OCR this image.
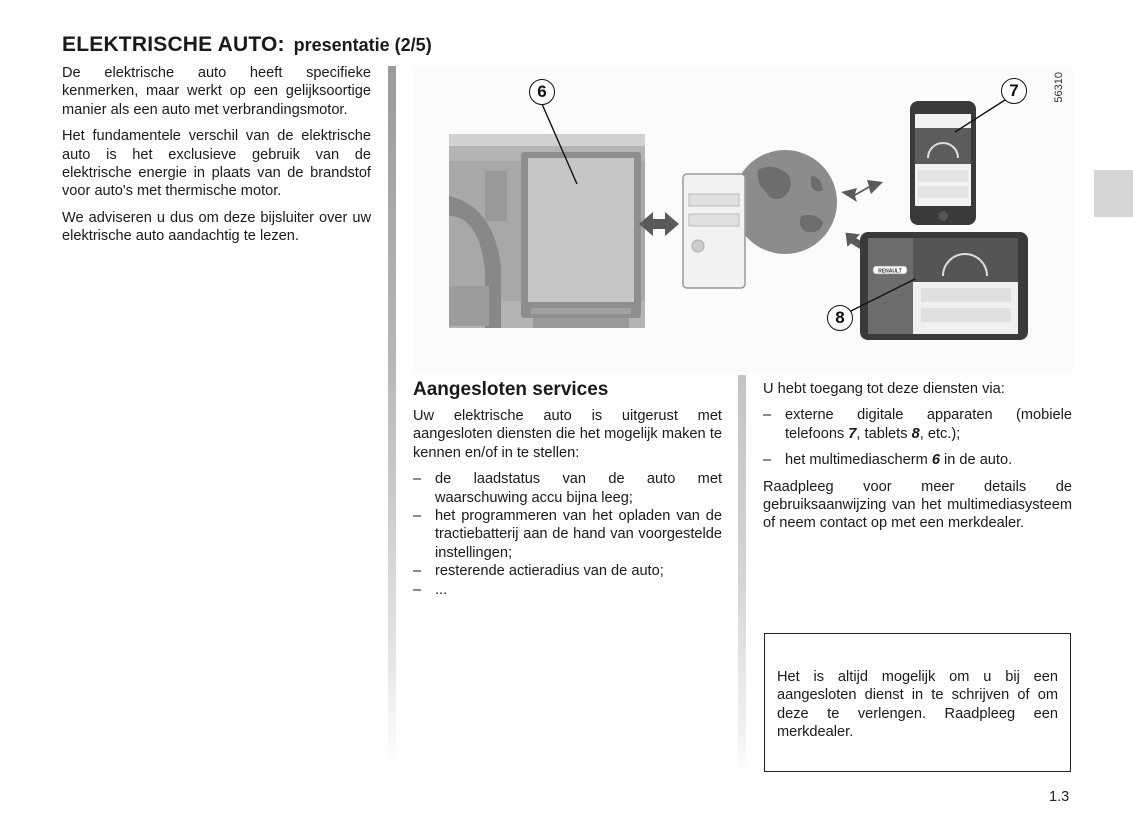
ELEKTRISCHE AUTO: presentatie (2/5)

De elektrische auto heeft specifieke kenmerken, maar werkt op een gelijksoortige manier als een auto met verbrandingsmotor.

Het fundamentele verschil van de elektrische auto is het exclusieve gebruik van de elektrische energie in plaats van de brandstof voor auto's met thermische motor.

We adviseren u dus om deze bijsluiter over uw elektrische auto aandachtig te lezen.

RENAULT
6	7
8
56310
Aangesloten services

Uw elektrische auto is uitgerust met aangesloten diensten die het mogelijk maken te kennen en/of in te stellen:

– de laadstatus van de auto met waarschuwing accu bijna leeg;
– het programmeren van het opladen van de tractiebatterij aan de hand van voorgestelde instellingen;
– resterende actieradius van de auto;
– ...

U hebt toegang tot deze diensten via:

– externe digitale apparaten (mobiele telefoons 7, tablets 8, etc.);
– het multimediascherm 6 in de auto.

Raadpleeg voor meer details de gebruiksaanwijzing van het multimediasysteem of neem contact op met een merkdealer.

Het is altijd mogelijk om u bij een aangesloten dienst in te schrijven of om deze te verlengen. Raadpleeg een merkdealer.
1.3
